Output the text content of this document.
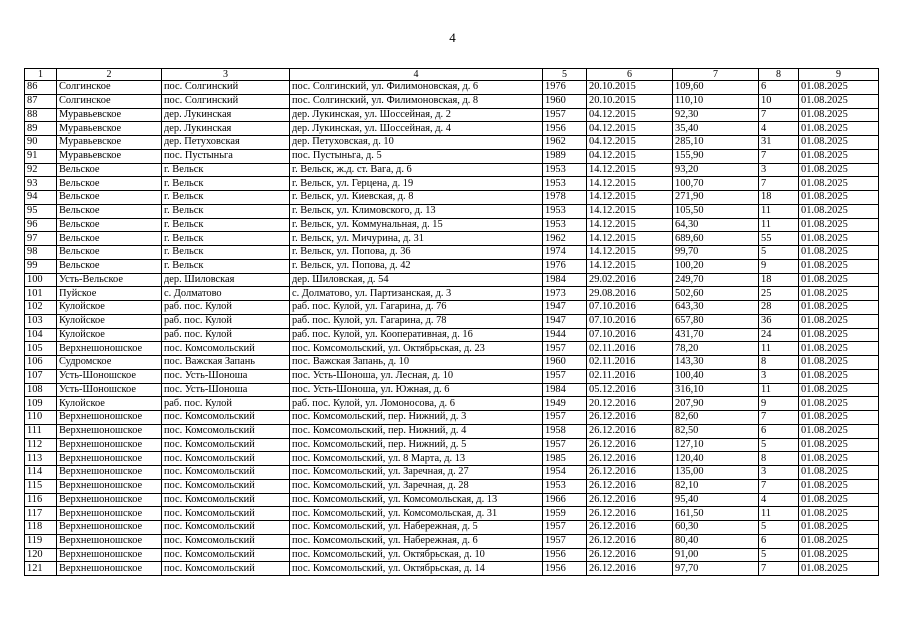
4
1	2	3	4	5	6	7	8	9
86	Солгинское	пос. Солгинский	пос. Солгинский, ул. Филимоновская, д. 6	1976	20.10.2015	109,60	6	01.08.2025
87	Солгинское	пос. Солгинский	пос. Солгинский, ул. Филимоновская, д. 8	1960	20.10.2015	110,10	10	01.08.2025
88	Муравьевское	дер. Лукинская	дер. Лукинская, ул. Шоссейная, д. 2	1957	04.12.2015	92,30	7	01.08.2025
89	Муравьевское	дер. Лукинская	дер. Лукинская, ул. Шоссейная, д. 4	1956	04.12.2015	35,40	4	01.08.2025
90	Муравьевское	дер. Петуховская	дер. Петуховская, д. 10	1962	04.12.2015	285,10	31	01.08.2025
91	Муравьевское	пос. Пустыньга	пос. Пустыньга, д. 5	1989	04.12.2015	155,90	7	01.08.2025
92	Вельское	г. Вельск	г. Вельск, ж.д. ст. Вага, д. 6	1953	14.12.2015	93,20	3	01.08.2025
93	Вельское	г. Вельск	г. Вельск, ул. Герцена, д. 19	1953	14.12.2015	100,70	7	01.08.2025
94	Вельское	г. Вельск	г. Вельск, ул. Киевская, д. 8	1978	14.12.2015	271,90	18	01.08.2025
95	Вельское	г. Вельск	г. Вельск, ул. Климовского, д. 13	1953	14.12.2015	105,50	11	01.08.2025
96	Вельское	г. Вельск	г. Вельск, ул. Коммунальная, д. 15	1953	14.12.2015	64,30	11	01.08.2025
97	Вельское	г. Вельск	г. Вельск, ул. Мичурина, д. 31	1962	14.12.2015	689,60	55	01.08.2025
98	Вельское	г. Вельск	г. Вельск, ул. Попова, д. 36	1974	14.12.2015	99,70	5	01.08.2025
99	Вельское	г. Вельск	г. Вельск, ул. Попова, д. 42	1976	14.12.2015	100,20	9	01.08.2025
100	Усть-Вельское	дер. Шиловская	дер. Шиловская, д. 54	1984	29.02.2016	249,70	18	01.08.2025
101	Пуйское	с. Долматово	с. Долматово, ул. Партизанская, д. 3	1973	29.08.2016	502,60	25	01.08.2025
102	Кулойское	раб. пос. Кулой	раб. пос. Кулой, ул. Гагарина, д. 76	1947	07.10.2016	643,30	28	01.08.2025
103	Кулойское	раб. пос. Кулой	раб. пос. Кулой, ул. Гагарина, д. 78	1947	07.10.2016	657,80	36	01.08.2025
104	Кулойское	раб. пос. Кулой	раб. пос. Кулой, ул. Кооперативная, д. 16	1944	07.10.2016	431,70	24	01.08.2025
105	Верхнешоношское	пос. Комсомольский	пос. Комсомольский, ул. Октябрьская, д. 23	1957	02.11.2016	78,20	11	01.08.2025
106	Судромское	пос. Важская Запань	пос. Важская Запань, д. 10	1960	02.11.2016	143,30	8	01.08.2025
107	Усть-Шоношское	пос. Усть-Шоноша	пос. Усть-Шоноша, ул. Лесная, д. 10	1957	02.11.2016	100,40	3	01.08.2025
108	Усть-Шоношское	пос. Усть-Шоноша	пос. Усть-Шоноша, ул. Южная, д. 6	1984	05.12.2016	316,10	11	01.08.2025
109	Кулойское	раб. пос. Кулой	раб. пос. Кулой, ул. Ломоносова, д. 6	1949	20.12.2016	207,90	9	01.08.2025
110	Верхнешоношское	пос. Комсомольский	пос. Комсомольский, пер. Нижний, д. 3	1957	26.12.2016	82,60	7	01.08.2025
111	Верхнешоношское	пос. Комсомольский	пос. Комсомольский, пер. Нижний, д. 4	1958	26.12.2016	82,50	6	01.08.2025
112	Верхнешоношское	пос. Комсомольский	пос. Комсомольский, пер. Нижний, д. 5	1957	26.12.2016	127,10	5	01.08.2025
113	Верхнешоношское	пос. Комсомольский	пос. Комсомольский, ул. 8 Марта, д. 13	1985	26.12.2016	120,40	8	01.08.2025
114	Верхнешоношское	пос. Комсомольский	пос. Комсомольский, ул. Заречная, д. 27	1954	26.12.2016	135,00	3	01.08.2025
115	Верхнешоношское	пос. Комсомольский	пос. Комсомольский, ул. Заречная, д. 28	1953	26.12.2016	82,10	7	01.08.2025
116	Верхнешоношское	пос. Комсомольский	пос. Комсомольский, ул. Комсомольская, д. 13	1966	26.12.2016	95,40	4	01.08.2025
117	Верхнешоношское	пос. Комсомольский	пос. Комсомольский, ул. Комсомольская, д. 31	1959	26.12.2016	161,50	11	01.08.2025
118	Верхнешоношское	пос. Комсомольский	пос. Комсомольский, ул. Набережная, д. 5	1957	26.12.2016	60,30	5	01.08.2025
119	Верхнешоношское	пос. Комсомольский	пос. Комсомольский, ул. Набережная, д. 6	1957	26.12.2016	80,40	6	01.08.2025
120	Верхнешоношское	пос. Комсомольский	пос. Комсомольский, ул. Октябрьская, д. 10	1956	26.12.2016	91,00	5	01.08.2025
121	Верхнешоношское	пос. Комсомольский	пос. Комсомольский, ул. Октябрьская, д. 14	1956	26.12.2016	97,70	7	01.08.2025
